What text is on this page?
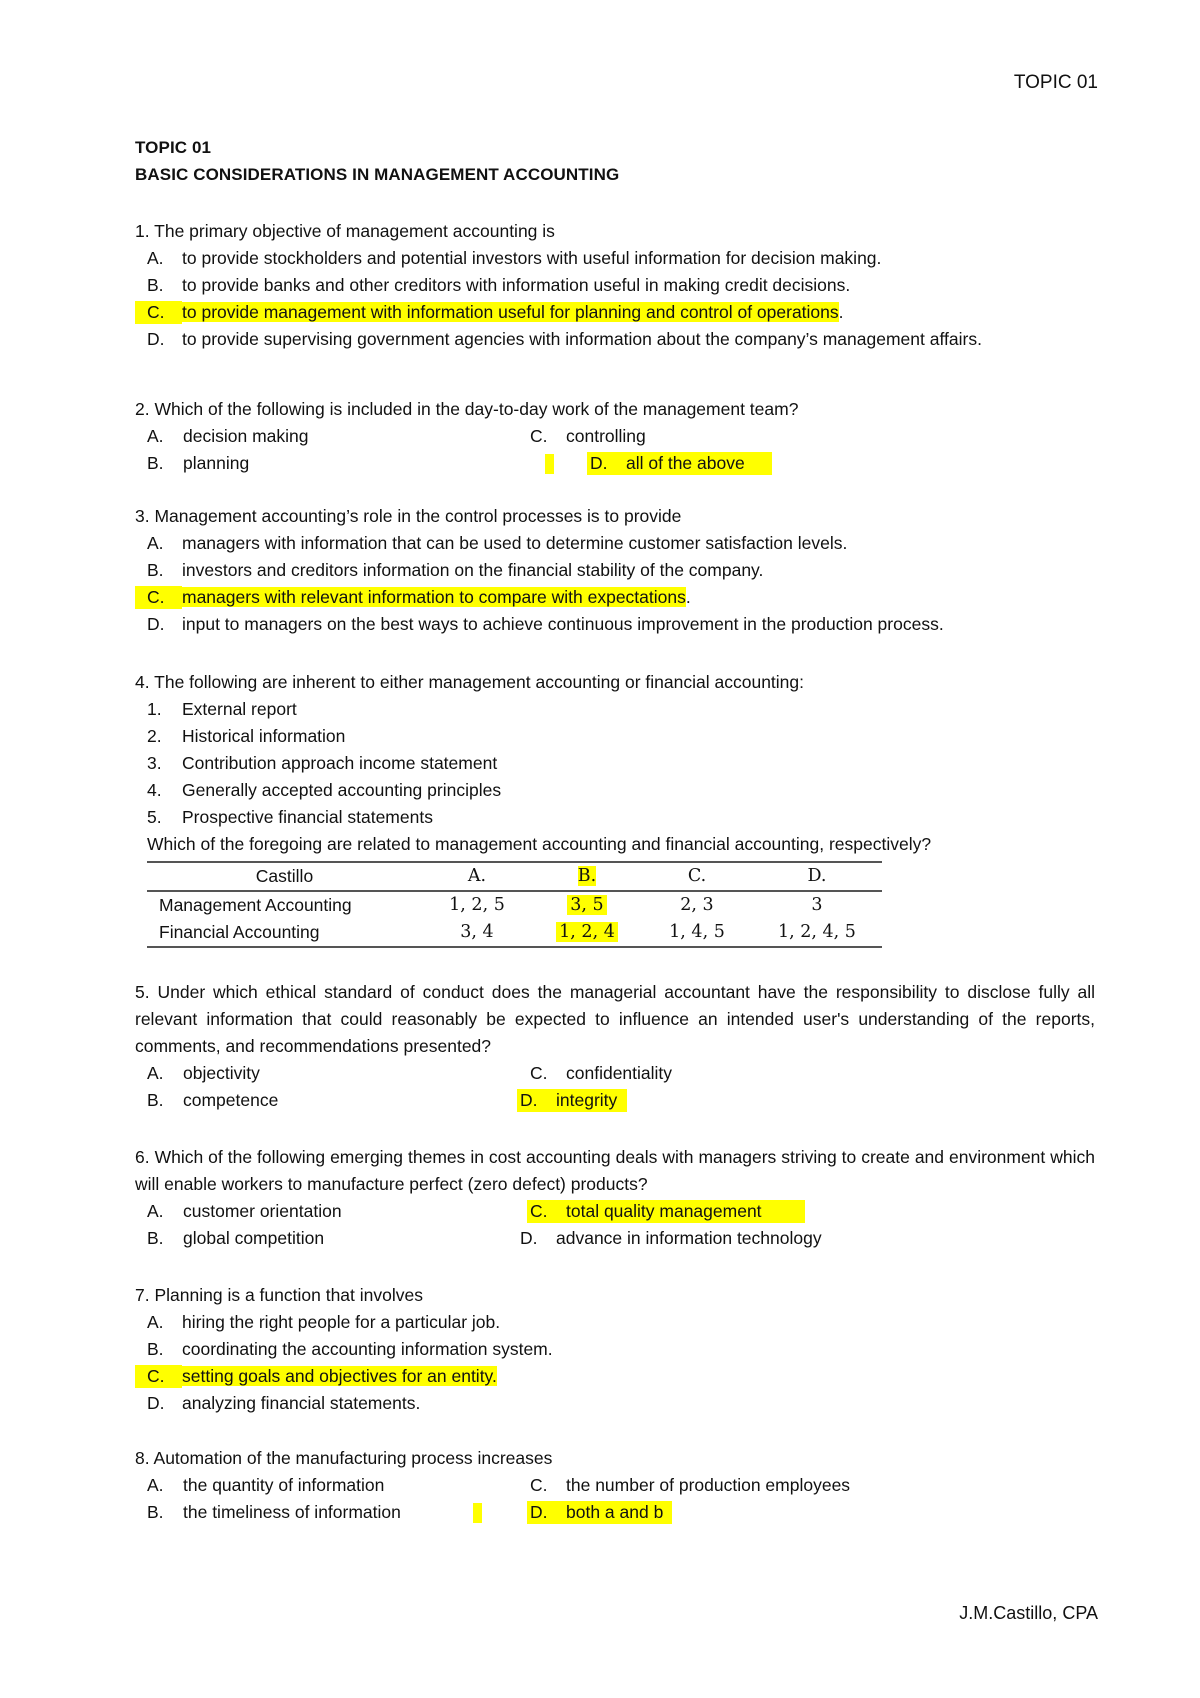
TOPIC 01
TOPIC 01
BASIC CONSIDERATIONS IN MANAGEMENT ACCOUNTING
1. The primary objective of management accounting is
A. to provide stockholders and potential investors with useful information for decision making.
B. to provide banks and other creditors with information useful in making credit decisions.
C. to provide management with information useful for planning and control of operations.
D. to provide supervising government agencies with information about the company’s management affairs.
2. Which of the following is included in the day-to-day work of the management team?
A. decision making	C. controlling
B. planning	D. all of the above
3. Management accounting’s role in the control processes is to provide
A. managers with information that can be used to determine customer satisfaction levels.
B. investors and creditors information on the financial stability of the company.
C. managers with relevant information to compare with expectations.
D. input to managers on the best ways to achieve continuous improvement in the production process.
4. The following are inherent to either management accounting or financial accounting:
1. External report
2. Historical information
3. Contribution approach income statement
4. Generally accepted accounting principles
5. Prospective financial statements
Which of the foregoing are related to management accounting and financial accounting, respectively?
Castillo	A.	B.	C.	D.
Management Accounting	1, 2, 5	3, 5	2, 3	3
Financial Accounting	3, 4	1, 2, 4	1, 4, 5	1, 2, 4, 5
5. Under which ethical standard of conduct does the managerial accountant have the responsibility to disclose fully all relevant information that could reasonably be expected to influence an intended user's understanding of the reports, comments, and recommendations presented?
A. objectivity	C. confidentiality
B. competence	D. integrity
6. Which of the following emerging themes in cost accounting deals with managers striving to create and environment which will enable workers to manufacture perfect (zero defect) products?
A. customer orientation	C. total quality management
B. global competition	D. advance in information technology
7. Planning is a function that involves
A. hiring the right people for a particular job.
B. coordinating the accounting information system.
C. setting goals and objectives for an entity.
D. analyzing financial statements.
8. Automation of the manufacturing process increases
A. the quantity of information	C. the number of production employees
B. the timeliness of information	D. both a and b
J.M.Castillo, CPA
